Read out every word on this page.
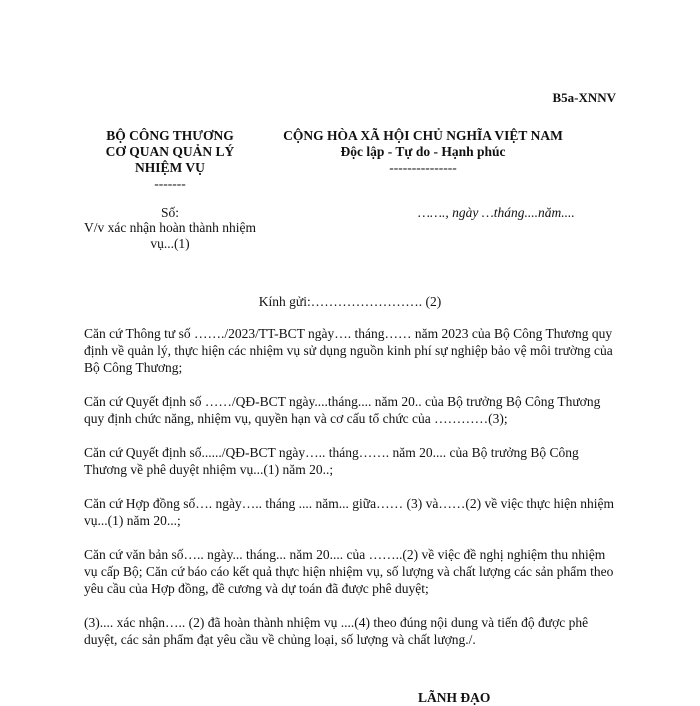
B5a-XNNV
BỘ CÔNG THƯƠNG
CƠ QUAN QUẢN LÝ
NHIỆM VỤ
-------
CỘNG HÒA XÃ HỘI CHỦ NGHĨA VIỆT NAM
Độc lập - Tự do - Hạnh phúc
---------------
Số:
V/v xác nhận hoàn thành nhiệm vụ...(1)
……., ngày …tháng....năm....
Kính gửi:……………………. (2)

Căn cứ Thông tư số ……./2023/TT-BCT ngày…. tháng…… năm 2023 của Bộ Công Thương quy định về quản lý, thực hiện các nhiệm vụ sử dụng nguồn kinh phí sự nghiệp bảo vệ môi trường của Bộ Công Thương;

Căn cứ Quyết định số ……/QĐ-BCT ngày....tháng.... năm 20.. của Bộ trưởng Bộ Công Thương quy định chức năng, nhiệm vụ, quyền hạn và cơ cấu tổ chức của …………(3);

Căn cứ Quyết định số....../QĐ-BCT ngày….. tháng……. năm 20.... của Bộ trưởng Bộ Công Thương về phê duyệt nhiệm vụ...(1) năm 20..;

Căn cứ Hợp đồng số…. ngày….. tháng .... năm... giữa…… (3) và……(2) về việc thực hiện nhiệm vụ...(1) năm 20...;

Căn cứ văn bản số….. ngày... tháng... năm 20.... của ……..(2) về việc đề nghị nghiệm thu nhiệm vụ cấp Bộ; Căn cứ báo cáo kết quả thực hiện nhiệm vụ, số lượng và chất lượng các sản phẩm theo yêu cầu của Hợp đồng, đề cương và dự toán đã được phê duyệt;

(3).... xác nhận….. (2) đã hoàn thành nhiệm vụ ....(4) theo đúng nội dung và tiến độ được phê duyệt, các sản phẩm đạt yêu cầu về chủng loại, số lượng và chất lượng./.

LÃNH ĐẠO
